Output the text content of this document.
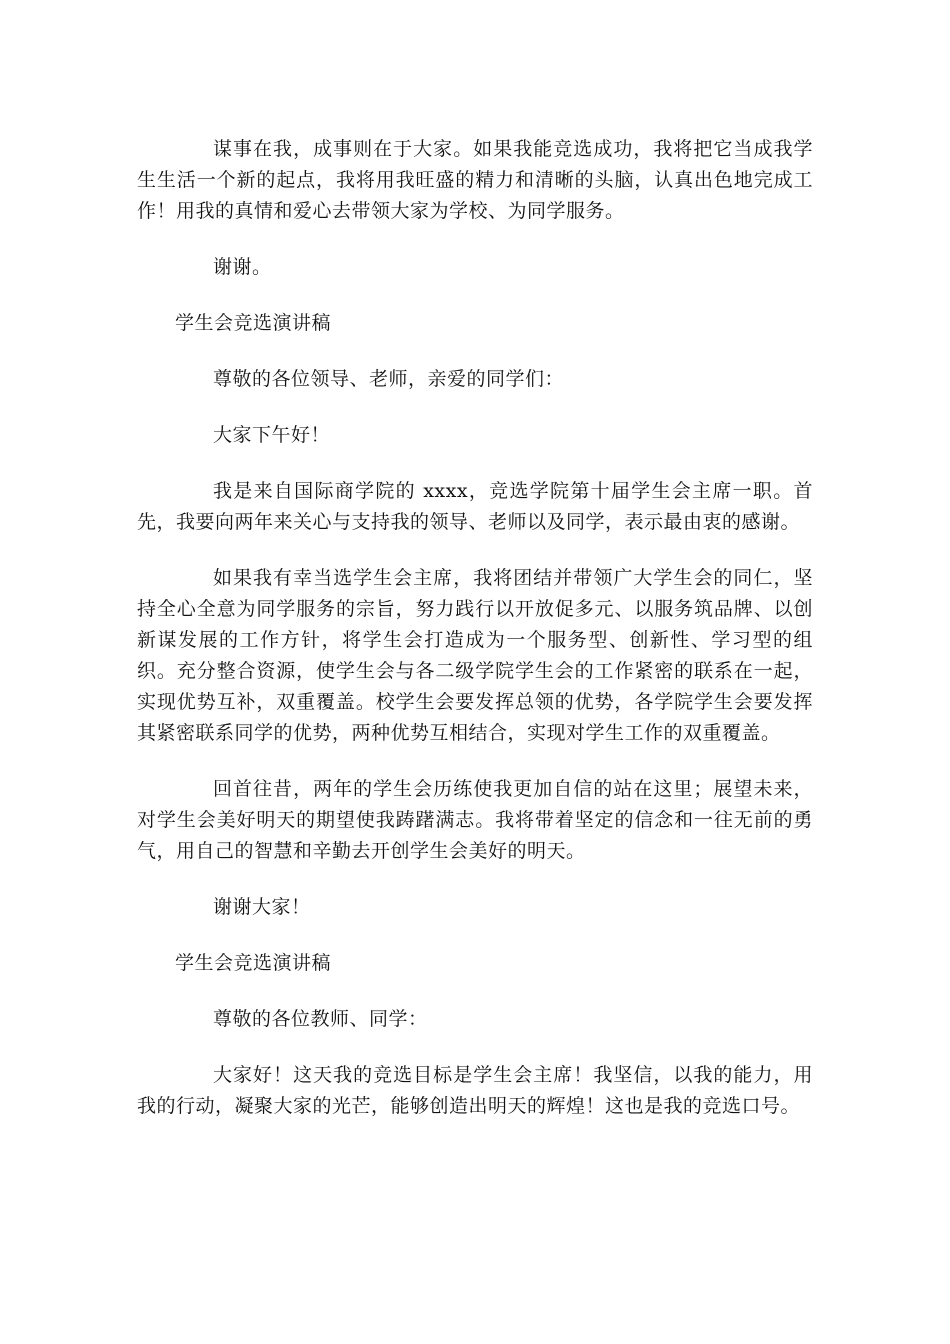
谋事在我，成事则在于大家。如果我能竞选成功，我将把它当成我学生生活一个新的起点，我将用我旺盛的精力和清晰的头脑，认真出色地完成工作！用我的真情和爱心去带领大家为学校、为同学服务。

谢谢。

学生会竞选演讲稿

尊敬的各位领导、老师，亲爱的同学们：

大家下午好！

我是来自国际商学院的 xxxx，竞选学院第十届学生会主席一职。首先，我要向两年来关心与支持我的领导、老师以及同学，表示最由衷的感谢。

如果我有幸当选学生会主席，我将团结并带领广大学生会的同仁，坚持全心全意为同学服务的宗旨，努力践行以开放促多元、以服务筑品牌、以创新谋发展的工作方针，将学生会打造成为一个服务型、创新性、学习型的组织。充分整合资源，使学生会与各二级学院学生会的工作紧密的联系在一起，实现优势互补，双重覆盖。校学生会要发挥总领的优势，各学院学生会要发挥其紧密联系同学的优势，两种优势互相结合，实现对学生工作的双重覆盖。

回首往昔，两年的学生会历练使我更加自信的站在这里；展望未来，对学生会美好明天的期望使我踌躇满志。我将带着坚定的信念和一往无前的勇气，用自己的智慧和辛勤去开创学生会美好的明天。

谢谢大家！

学生会竞选演讲稿

尊敬的各位教师、同学：

大家好！这天我的竞选目标是学生会主席！我坚信，以我的能力，用我的行动，凝聚大家的光芒，能够创造出明天的辉煌！这也是我的竞选口号。
